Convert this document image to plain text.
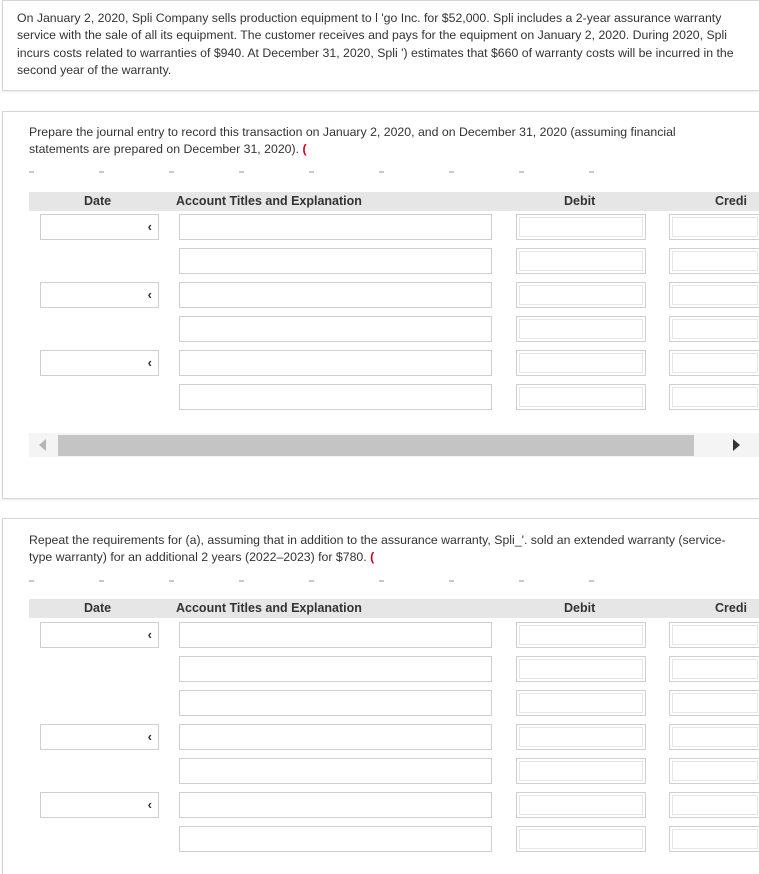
On January 2, 2020, Spli Company sells production equipment to l 'go Inc. for $52,000. Spli includes a 2-year assurance warranty service with the sale of all its equipment. The customer receives and pays for the equipment on January 2, 2020. During 2020, Spli incurs costs related to warranties of $940. At December 31, 2020, Spli ') estimates that $660 of warranty costs will be incurred in the second year of the warranty.

Prepare the journal entry to record this transaction on January 2, 2020, and on December 31, 2020 (assuming financial statements are prepared on December 31, 2020). (
Date	Account Titles and Explanation	Debit	Credi
‹
‹
‹
Repeat the requirements for (a), assuming that in addition to the assurance warranty, Spli_'. sold an extended warranty (service-type warranty) for an additional 2 years (2022–2023) for $780. (
Date	Account Titles and Explanation	Debit	Credi
‹
‹
‹
